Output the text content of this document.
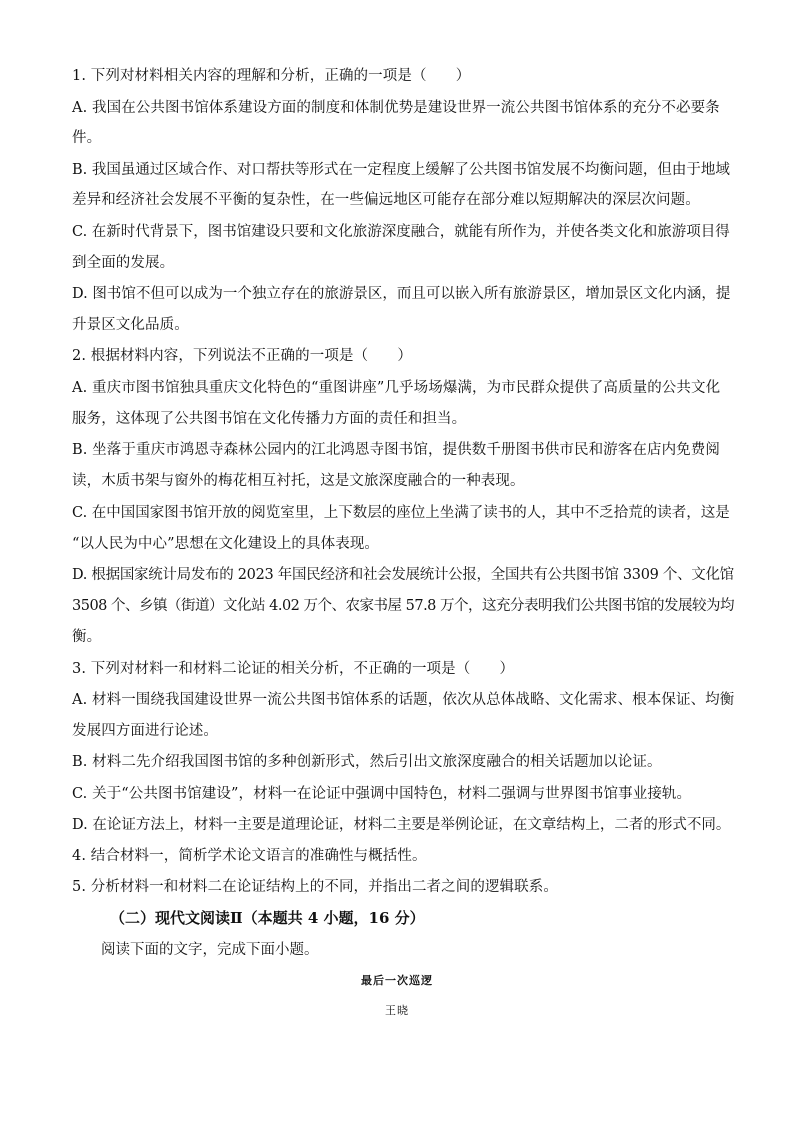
1. 下列对材料相关内容的理解和分析，正确的一项是（　　）
A. 我国在公共图书馆体系建设方面的制度和体制优势是建设世界一流公共图书馆体系的充分不必要条
件。
B. 我国虽通过区域合作、对口帮扶等形式在一定程度上缓解了公共图书馆发展不均衡问题，但由于地域
差异和经济社会发展不平衡的复杂性，在一些偏远地区可能存在部分难以短期解决的深层次问题。
C. 在新时代背景下，图书馆建设只要和文化旅游深度融合，就能有所作为，并使各类文化和旅游项目得
到全面的发展。
D. 图书馆不但可以成为一个独立存在的旅游景区，而且可以嵌入所有旅游景区，增加景区文化内涵，提
升景区文化品质。
2. 根据材料内容，下列说法不正确的一项是（　　）
A. 重庆市图书馆独具重庆文化特色的“重图讲座”几乎场场爆满，为市民群众提供了高质量的公共文化
服务，这体现了公共图书馆在文化传播力方面的责任和担当。
B. 坐落于重庆市鸿恩寺森林公园内的江北鸿恩寺图书馆，提供数千册图书供市民和游客在店内免费阅
读，木质书架与窗外的梅花相互衬托，这是文旅深度融合的一种表现。
C. 在中国国家图书馆开放的阅览室里，上下数层的座位上坐满了读书的人，其中不乏拾荒的读者，这是
“以人民为中心”思想在文化建设上的具体表现。
D. 根据国家统计局发布的 2023 年国民经济和社会发展统计公报，全国共有公共图书馆 3309 个、文化馆
3508 个、乡镇（街道）文化站 4.02 万个、农家书屋 57.8 万个，这充分表明我们公共图书馆的发展较为均
衡。
3. 下列对材料一和材料二论证的相关分析，不正确的一项是（　　）
A. 材料一围绕我国建设世界一流公共图书馆体系的话题，依次从总体战略、文化需求、根本保证、均衡
发展四方面进行论述。
B. 材料二先介绍我国图书馆的多种创新形式，然后引出文旅深度融合的相关话题加以论证。
C. 关于“公共图书馆建设”，材料一在论证中强调中国特色，材料二强调与世界图书馆事业接轨。
D. 在论证方法上，材料一主要是道理论证，材料二主要是举例论证，在文章结构上，二者的形式不同。
4. 结合材料一，简析学术论文语言的准确性与概括性。
5. 分析材料一和材料二在论证结构上的不同，并指出二者之间的逻辑联系。
（二）现代文阅读Ⅱ（本题共 4 小题，16 分）
阅读下面的文字，完成下面小题。
最后一次巡逻
王晓
